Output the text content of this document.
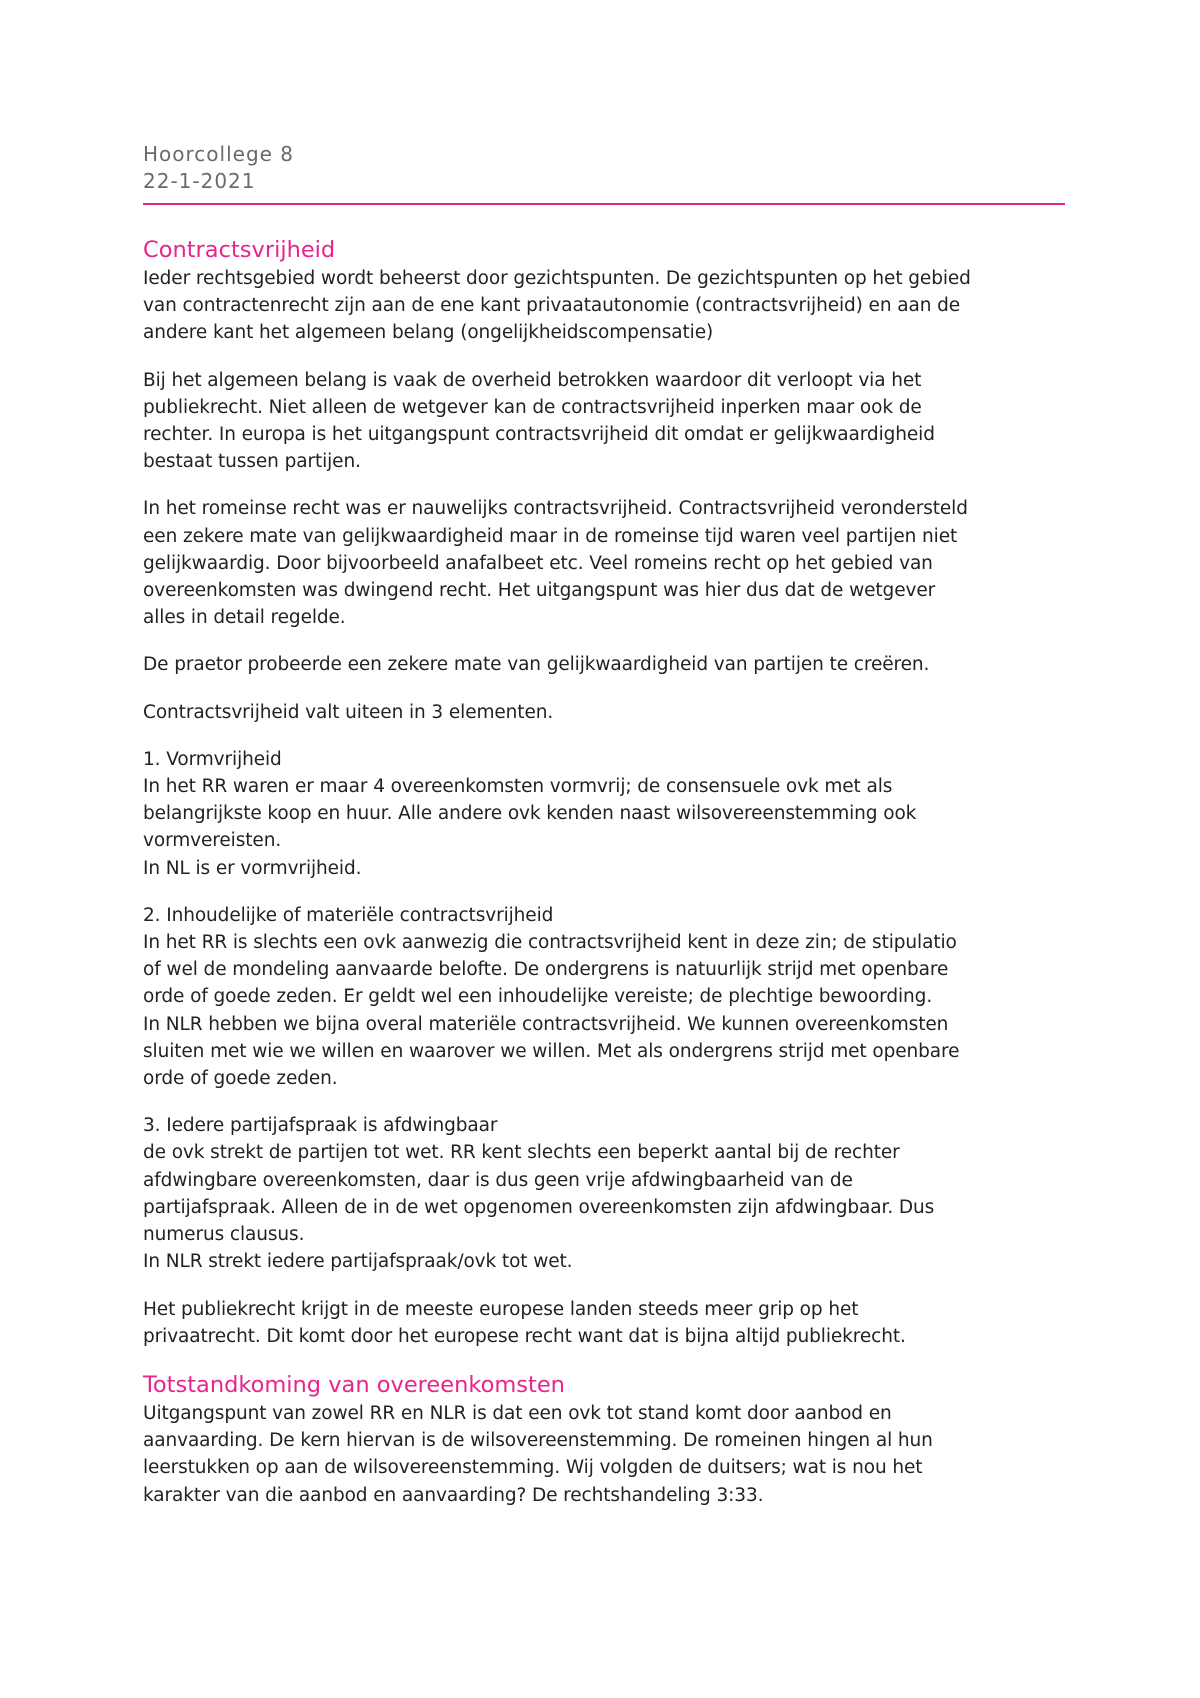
Hoorcollege 8
22-1-2021
Contractsvrijheid

Ieder rechtsgebied wordt beheerst door gezichtspunten. De gezichtspunten op het gebied
van contractenrecht zijn aan de ene kant privaatautonomie (contractsvrijheid) en aan de
andere kant het algemeen belang (ongelijkheidscompensatie)

Bij het algemeen belang is vaak de overheid betrokken waardoor dit verloopt via het
publiekrecht. Niet alleen de wetgever kan de contractsvrijheid inperken maar ook de
rechter. In europa is het uitgangspunt contractsvrijheid dit omdat er gelijkwaardigheid
bestaat tussen partijen.

In het romeinse recht was er nauwelijks contractsvrijheid. Contractsvrijheid verondersteld
een zekere mate van gelijkwaardigheid maar in de romeinse tijd waren veel partijen niet
gelijkwaardig. Door bijvoorbeeld anafalbeet etc. Veel romeins recht op het gebied van
overeenkomsten was dwingend recht. Het uitgangspunt was hier dus dat de wetgever
alles in detail regelde.

De praetor probeerde een zekere mate van gelijkwaardigheid van partijen te creëren.

Contractsvrijheid valt uiteen in 3 elementen.

1. Vormvrijheid
In het RR waren er maar 4 overeenkomsten vormvrij; de consensuele ovk met als
belangrijkste koop en huur. Alle andere ovk kenden naast wilsovereenstemming ook
vormvereisten.
In NL is er vormvrijheid.

2. Inhoudelijke of materiële contractsvrijheid
In het RR is slechts een ovk aanwezig die contractsvrijheid kent in deze zin; de stipulatio
of wel de mondeling aanvaarde belofte. De ondergrens is natuurlijk strijd met openbare
orde of goede zeden. Er geldt wel een inhoudelijke vereiste; de plechtige bewoording.
In NLR hebben we bijna overal materiële contractsvrijheid. We kunnen overeenkomsten
sluiten met wie we willen en waarover we willen. Met als ondergrens strijd met openbare
orde of goede zeden.

3. Iedere partijafspraak is afdwingbaar
de ovk strekt de partijen tot wet. RR kent slechts een beperkt aantal bij de rechter
afdwingbare overeenkomsten, daar is dus geen vrije afdwingbaarheid van de
partijafspraak. Alleen de in de wet opgenomen overeenkomsten zijn afdwingbaar. Dus
numerus clausus.
In NLR strekt iedere partijafspraak/ovk tot wet.

Het publiekrecht krijgt in de meeste europese landen steeds meer grip op het
privaatrecht. Dit komt door het europese recht want dat is bijna altijd publiekrecht.

Totstandkoming van overeenkomsten

Uitgangspunt van zowel RR en NLR is dat een ovk tot stand komt door aanbod en
aanvaarding. De kern hiervan is de wilsovereenstemming. De romeinen hingen al hun
leerstukken op aan de wilsovereenstemming. Wij volgden de duitsers; wat is nou het
karakter van die aanbod en aanvaarding? De rechtshandeling 3:33.
